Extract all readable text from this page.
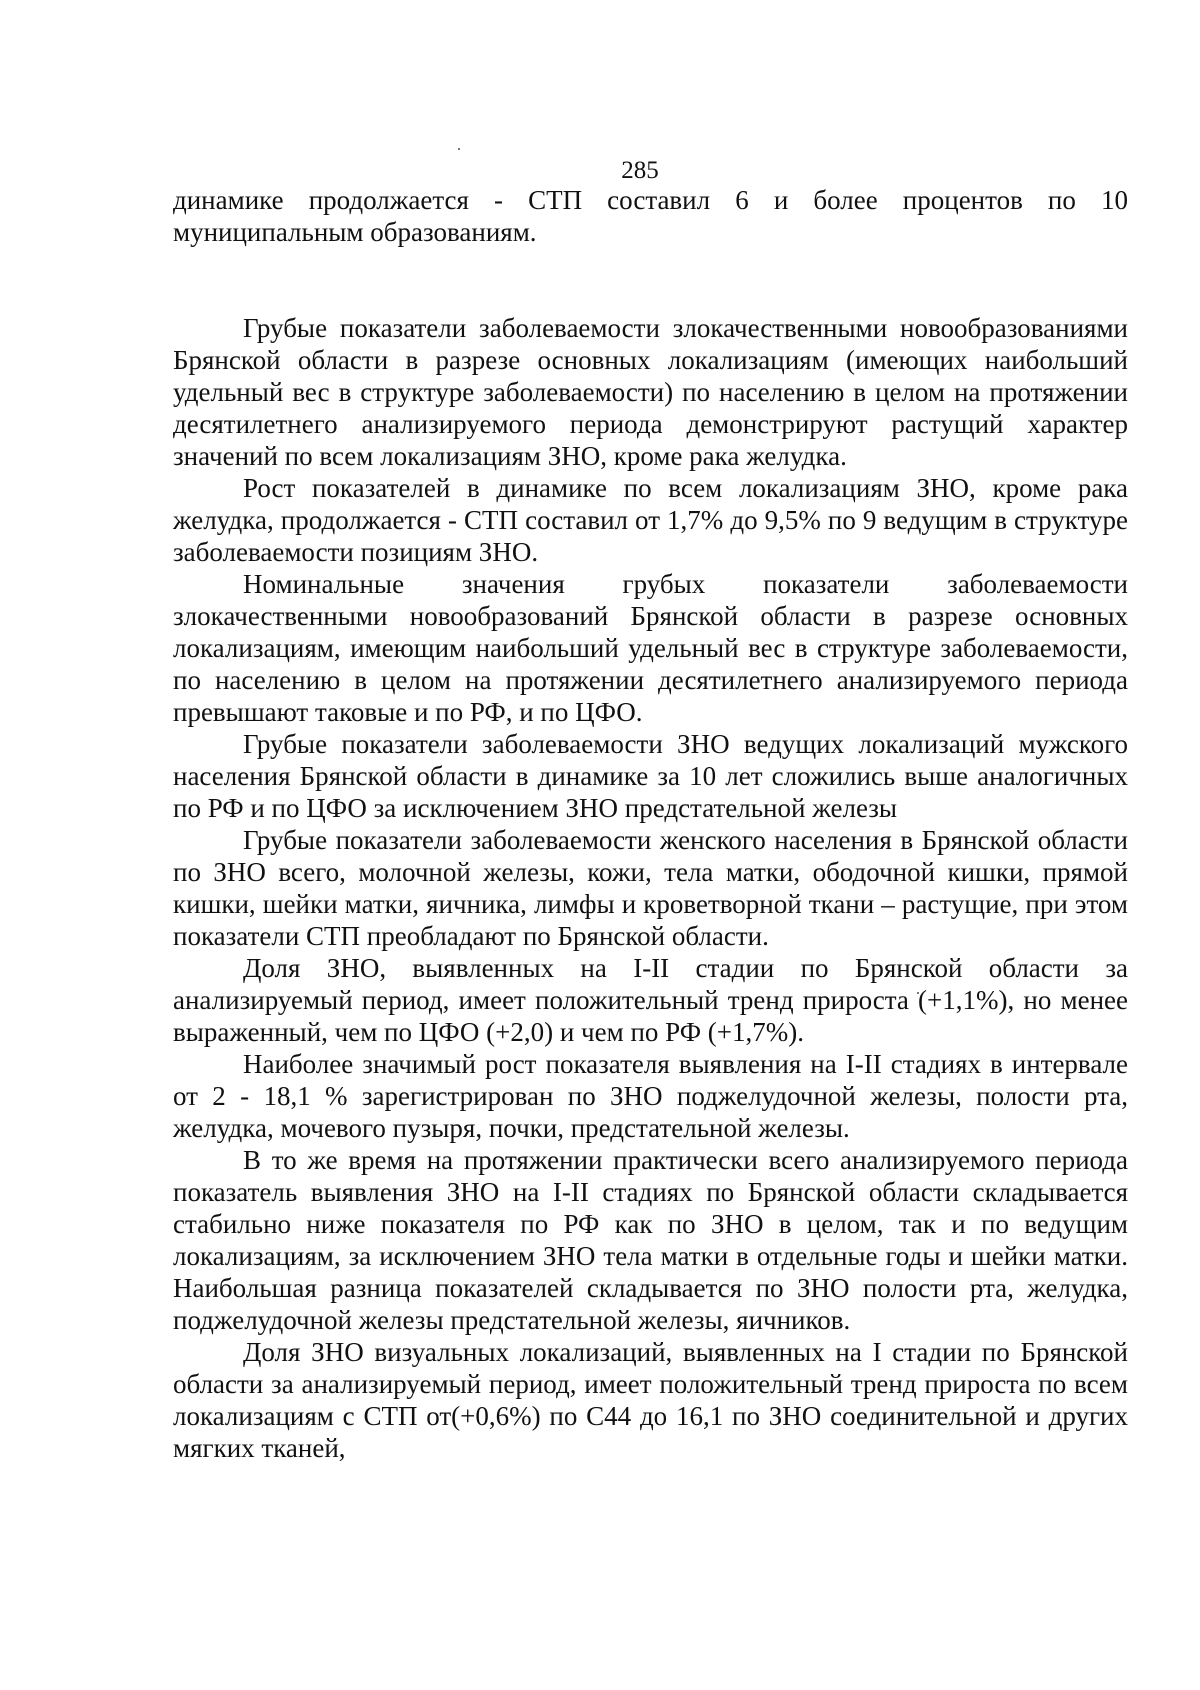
285

динамике продолжается - СТП составил 6 и более процентов по 10 муниципальным образованиям.

Грубые показатели заболеваемости злокачественными новообразованиями Брянской области в разрезе основных локализациям (имеющих наибольший удельный вес в структуре заболеваемости) по населению в целом на протяжении десятилетнего анализируемого периода демонстрируют растущий характер значений по всем локализациям ЗНО, кроме рака желудка.

Рост показателей в динамике по всем локализациям ЗНО, кроме рака желудка, продолжается - СТП составил от 1,7% до 9,5% по 9 ведущим в структуре заболеваемости позициям ЗНО.

Номинальные значения грубых показатели заболеваемости злокачественными новообразований Брянской области в разрезе основных локализациям, имеющим наибольший удельный вес в структуре заболеваемости, по населению в целом на протяжении десятилетнего анализируемого периода превышают таковые и по РФ, и по ЦФО.

Грубые показатели заболеваемости ЗНО ведущих локализаций мужского населения Брянской области в динамике за 10 лет сложились выше аналогичных по РФ и по ЦФО за исключением ЗНО предстательной железы

Грубые показатели заболеваемости женского населения в Брянской области по ЗНО всего, молочной железы, кожи, тела матки, ободочной кишки, прямой кишки, шейки матки, яичника, лимфы и кроветворной ткани – растущие, при этом показатели СТП преобладают по Брянской области.

Доля ЗНО, выявленных на I-II стадии по Брянской области за анализируемый период, имеет положительный тренд прироста (+1,1%), но менее выраженный, чем по ЦФО (+2,0) и чем по РФ (+1,7%).

Наиболее значимый рост показателя выявления на I-II стадиях в интервале от 2 - 18,1 % зарегистрирован по ЗНО поджелудочной железы, полости рта, желудка, мочевого пузыря, почки, предстательной железы.

В то же время на протяжении практически всего анализируемого периода показатель выявления ЗНО на I-II стадиях по Брянской области складывается стабильно ниже показателя по РФ как по ЗНО в целом, так и по ведущим локализациям, за исключением ЗНО тела матки в отдельные годы и шейки матки. Наибольшая разница показателей складывается по ЗНО полости рта, желудка, поджелудочной железы предстательной железы, яичников.

Доля ЗНО визуальных локализаций, выявленных на I стадии по Брянской области за анализируемый период, имеет положительный тренд прироста по всем локализациям с СТП от(+0,6%) по С44 до 16,1 по ЗНО соединительной и других мягких тканей,
